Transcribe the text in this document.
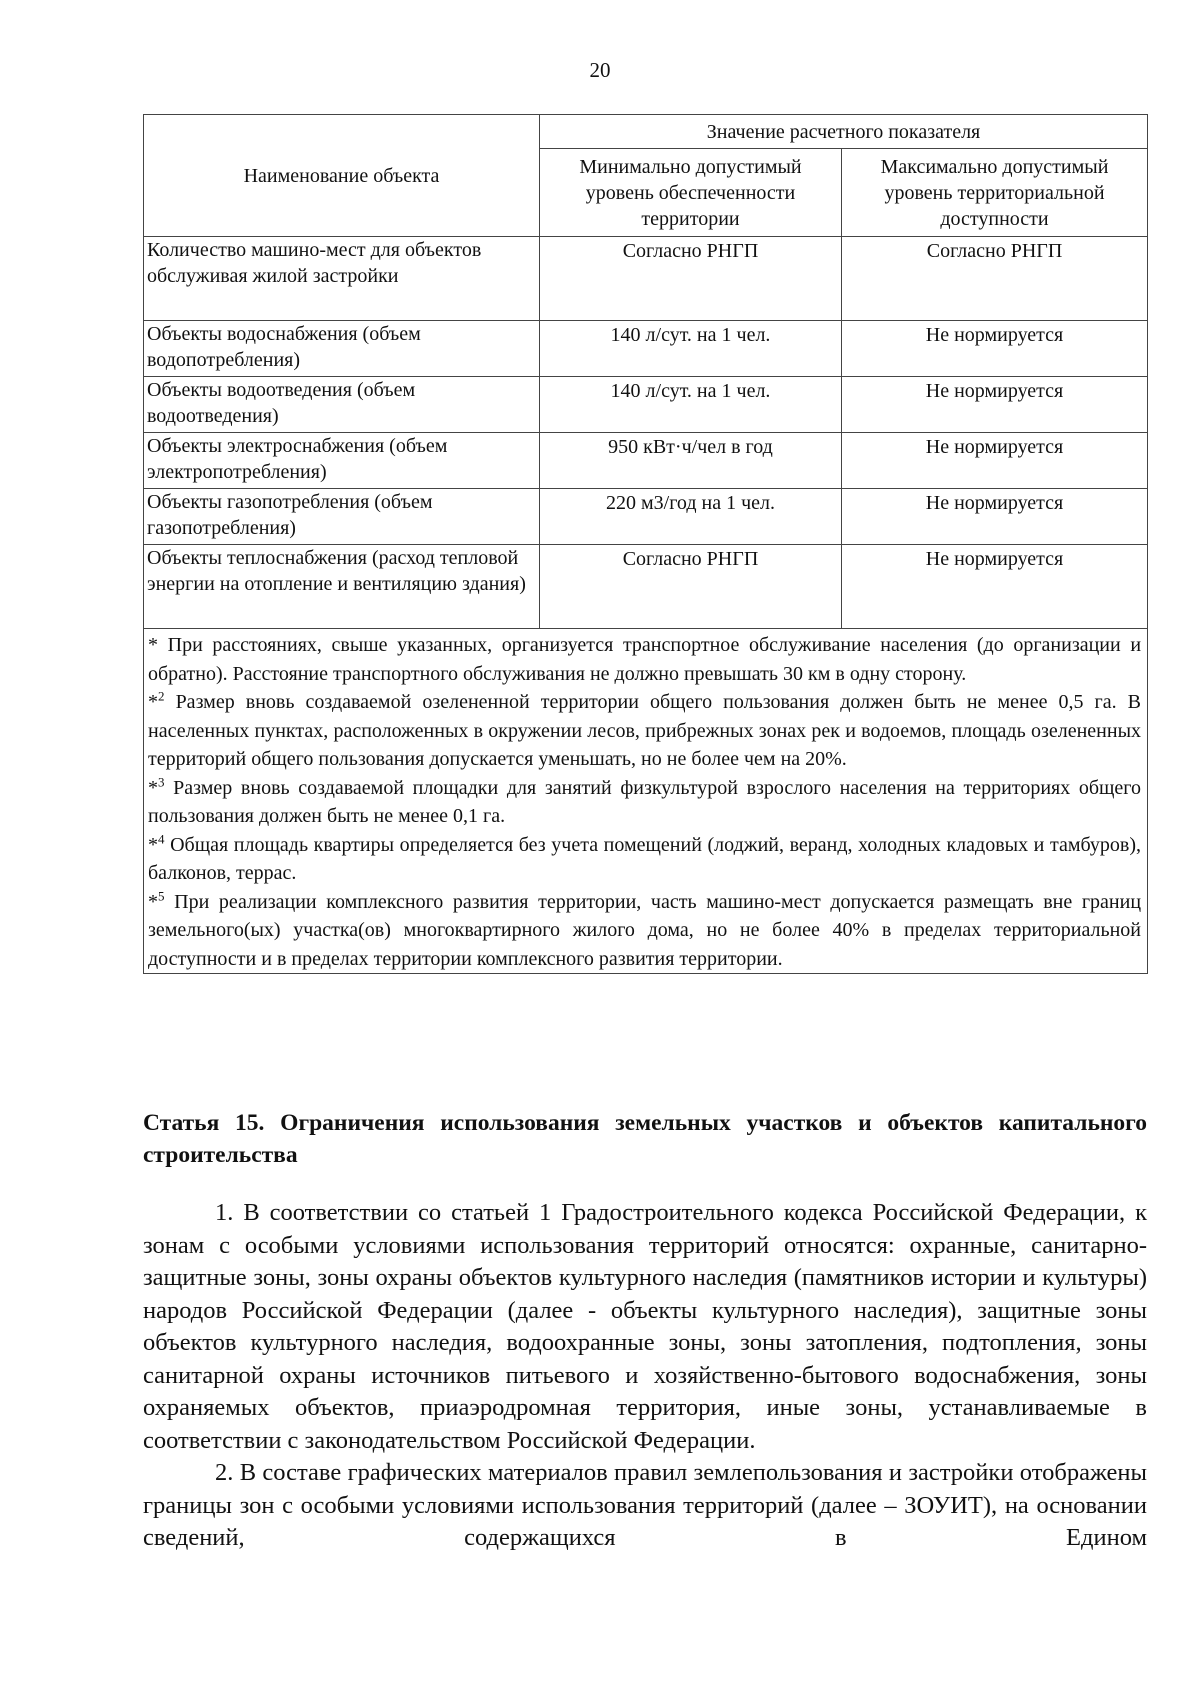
20
Наименование объекта	Значение расчетного показателя	
	Минимально допустимый уровень обеспеченности территории	Максимально допустимый уровень территориальной доступности
Количество машино-мест для объектов обслуживая жилой застройки	Согласно РНГП	Согласно РНГП
Объекты водоснабжения (объем водопотребления)	140 л/сут. на 1 чел.	Не нормируется
Объекты водоотведения (объем водоотведения)	140 л/сут. на 1 чел.	Не нормируется
Объекты электроснабжения (объем электропотребления)	950 кВт·ч/чел в год	Не нормируется
Объекты газопотребления (объем газопотребления)	220 м3/год на 1 чел.	Не нормируется
Объекты теплоснабжения (расход тепловой энергии на отопление и вентиляцию здания)	Согласно РНГП	Не нормируется

* При расстояниях, свыше указанных, организуется транспортное обслуживание населения (до организации и обратно). Расстояние транспортного обслуживания не должно превышать 30 км в одну сторону.
*$^2$ Размер вновь создаваемой озелененной территории общего пользования должен быть не менее 0,5 га. В населенных пунктах, расположенных в окружении лесов, прибрежных зонах рек и водоемов, площадь озелененных территорий общего пользования допускается уменьшать, но не более чем на 20%.
*$^3$ Размер вновь создаваемой площадки для занятий физкультурой взрослого населения на территориях общего пользования должен быть не менее 0,1 га.
*$^4$ Общая площадь квартиры определяется без учета помещений (лоджий, веранд, холодных кладовых и тамбуров), балконов, террас.
*$^5$ При реализации комплексного развития территории, часть машино-мест допускается размещать вне границ земельного(ых) участка(ов) многоквартирного жилого дома, но не более 40% в пределах территориальной доступности и в пределах территории комплексного развития территории.		
Статья 15. Ограничения использования земельных участков и объектов капитального строительства

1. В соответствии со статьей 1 Градостроительного кодекса Российской Федерации, к зонам с особыми условиями использования территорий относятся: охранные, санитарно-защитные зоны, зоны охраны объектов культурного наследия (памятников истории и культуры) народов Российской Федерации (далее - объекты культурного наследия), защитные зоны объектов культурного наследия, водоохранные зоны, зоны затопления, подтопления, зоны санитарной охраны источников питьевого и хозяйственно-бытового водоснабжения, зоны охраняемых объектов, приаэродромная территория, иные зоны, устанавливаемые в соответствии с законодательством Российской Федерации.

2. В составе графических материалов правил землепользования и застройки отображены границы зон с особыми условиями использования территорий (далее – ЗОУИТ), на основании сведений, содержащихся в Едином
